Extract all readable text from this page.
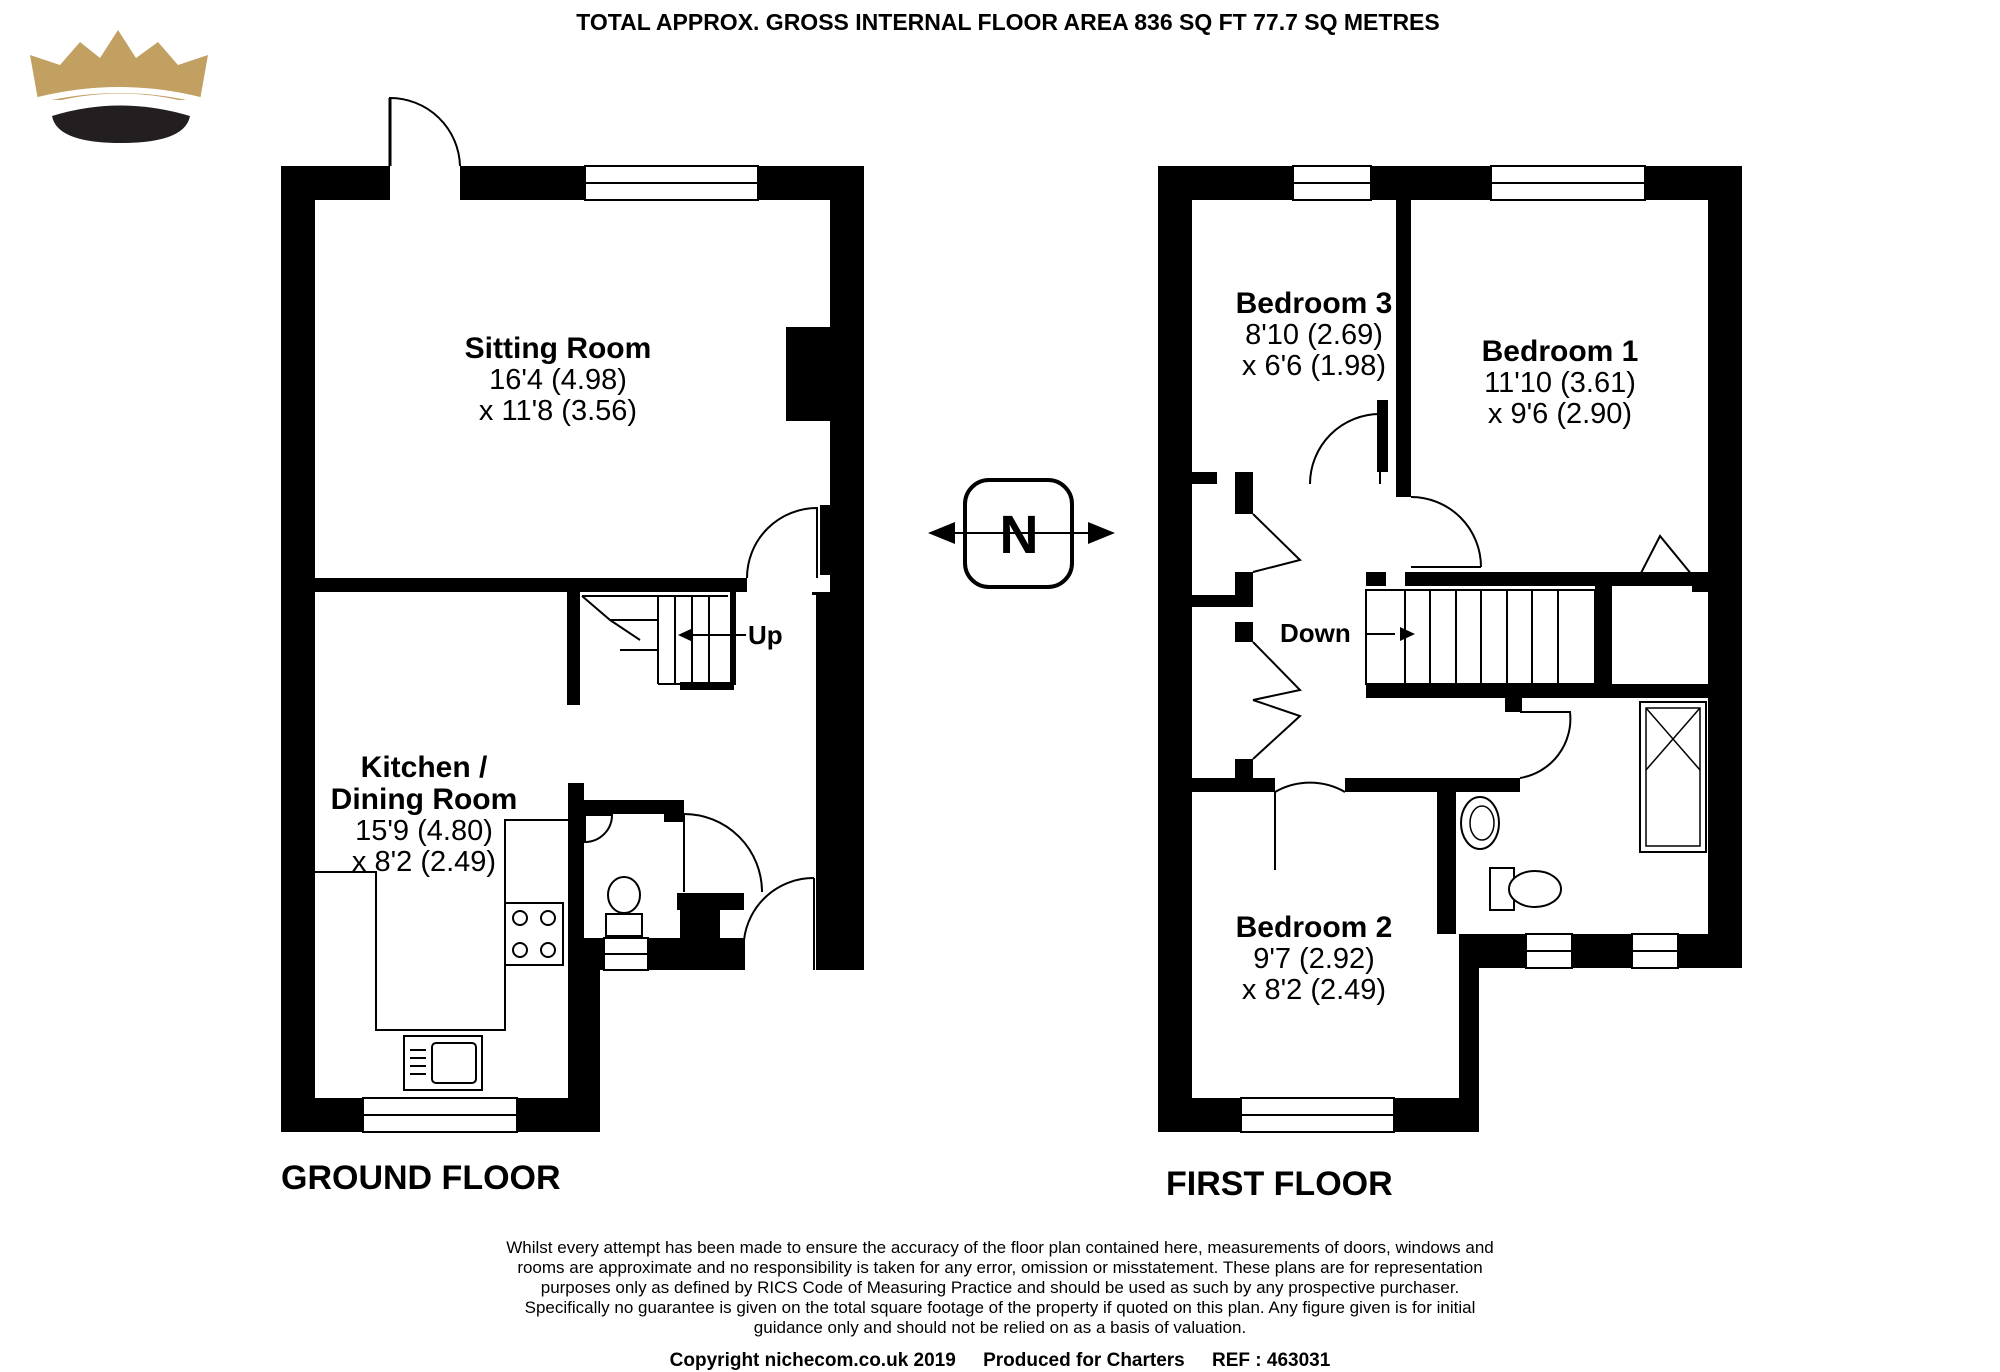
TOTAL APPROX. GROSS INTERNAL FLOOR AREA 836 SQ FT 77.7 SQ METRES
Up
Sitting Room
16'4 (4.98)
x 11'8 (3.56)
Kitchen /
Dining Room
15'9 (4.80)
x 8'2 (2.49)
GROUND FLOOR
N
Down
Bedroom 3
8'10 (2.69)
x 6'6 (1.98)	Bedroom 1
11'10 (3.61)
x 9'6 (2.90)
Bedroom 2
9'7 (2.92)
x 8'2 (2.49)
FIRST FLOOR
Whilst every attempt has been made to ensure the accuracy of the floor plan contained here, measurements of doors, windows and
rooms are approximate and no responsibility is taken for any error, omission or misstatement. These plans are for representation
purposes only as defined by RICS Code of Measuring Practice and should be used as such by any prospective purchaser.
Specifically no guarantee is given on the total square footage of the property if quoted on this plan. Any figure given is for initial
guidance only and should not be relied on as a basis of valuation.
Copyright nichecom.co.uk 2019 Produced for Charters REF : 463031
